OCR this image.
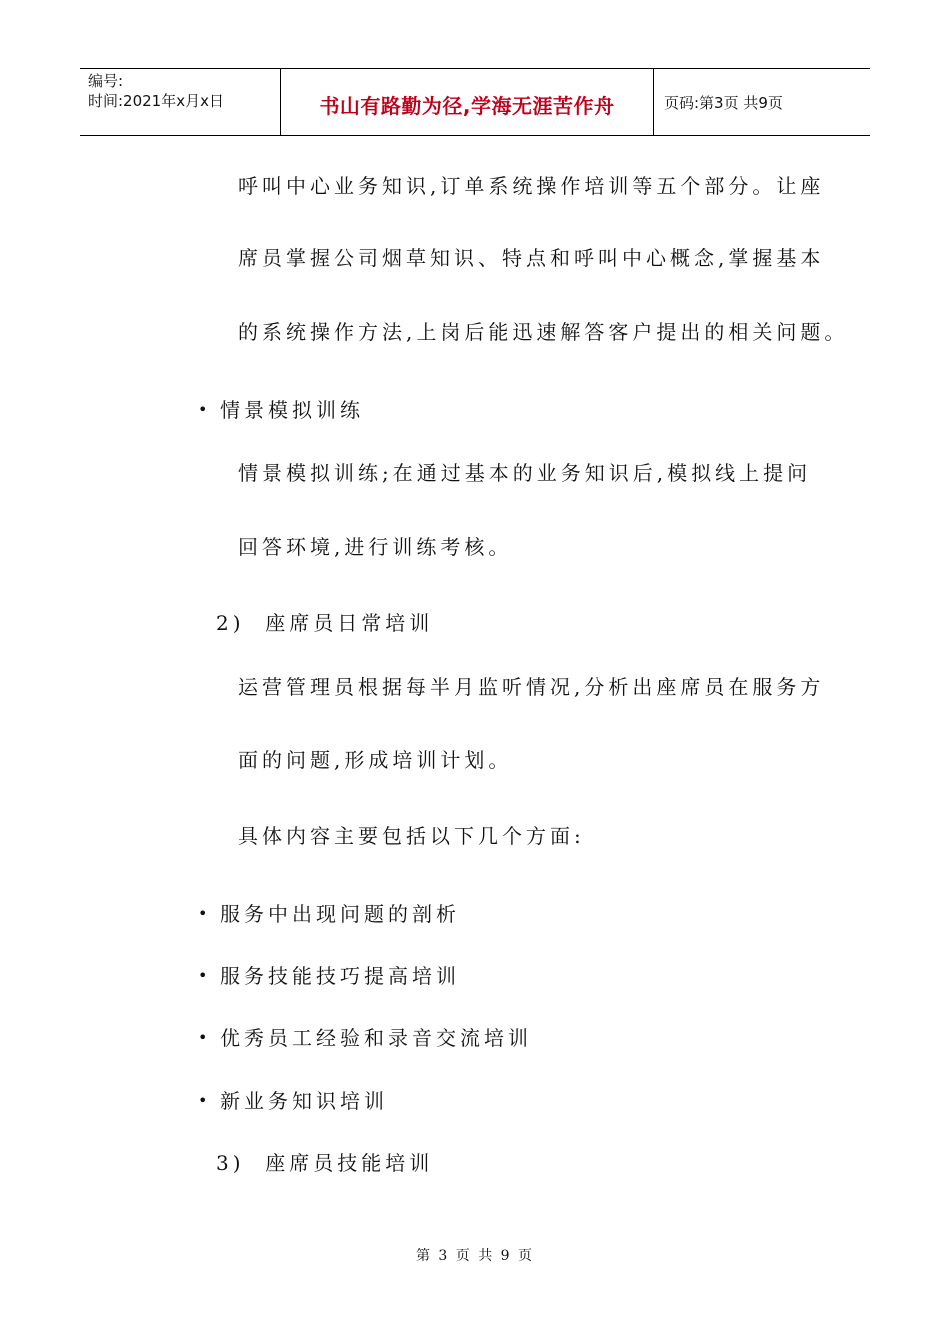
编号:
时间:2021年x月x日	书山有路勤为径,学海无涯苦作舟	页码:第3页 共9页
呼叫中心业务知识,订单系统操作培训等五个部分。让座
席员掌握公司烟草知识、特点和呼叫中心概念,掌握基本
的系统操作方法,上岗后能迅速解答客户提出的相关问题。
• 情景模拟训练
情景模拟训练;在通过基本的业务知识后,模拟线上提问
回答环境,进行训练考核。
2)  座席员日常培训
运营管理员根据每半月监听情况,分析出座席员在服务方
面的问题,形成培训计划。
具体内容主要包括以下几个方面:
• 服务中出现问题的剖析
• 服务技能技巧提高培训
• 优秀员工经验和录音交流培训
• 新业务知识培训
3)  座席员技能培训
第 3 页 共 9 页
